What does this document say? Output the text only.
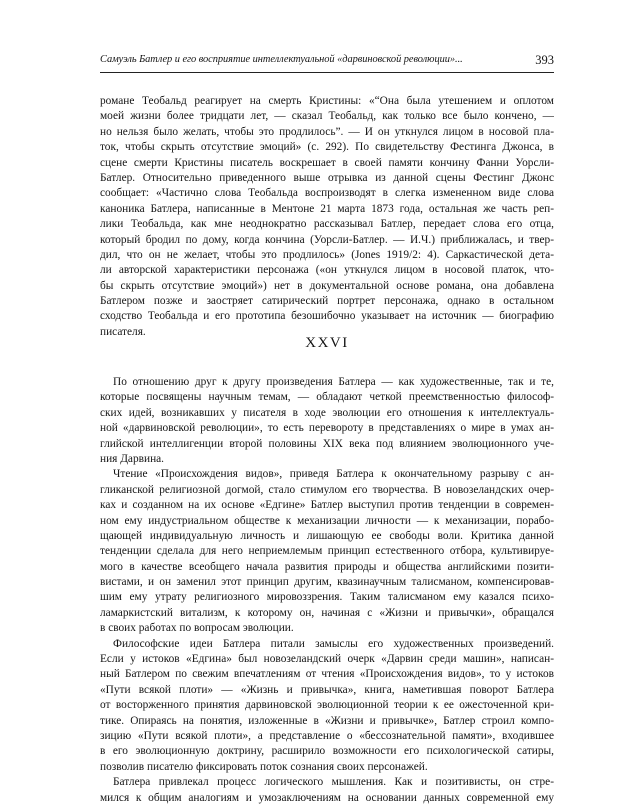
Самуэль Батлер и его восприятие интеллектуальной «дарвиновской революции»...	393
романе Теобальд реагирует на смерть Кристины: «“Она была утешением и оплотом
моей жизни более тридцати лет, — сказал Теобальд, как только все было кончено, —
но нельзя было желать, чтобы это продлилось”. — И он уткнулся лицом в носовой пла-
ток, чтобы скрыть отсутствие эмоций» (с. 292). По свидетельству Фестинга Джонса, в
сцене смерти Кристины писатель воскрешает в своей памяти кончину Фанни Уорсли-
Батлер. Относительно приведенного выше отрывка из данной сцены Фестинг Джонс
сообщает: «Частично слова Теобальда воспроизводят в слегка измененном виде слова
каноника Батлера, написанные в Ментоне 21 марта 1873 года, остальная же часть реп-
лики Теобальда, как мне неоднократно рассказывал Батлер, передает слова его отца,
который бродил по дому, когда кончина (Уорсли-Батлер. — И.Ч.) приближалась, и твер-
дил, что он не желает, чтобы это продлилось» (Jones 1919/2: 4). Саркастической дета-
ли авторской характеристики персонажа («он уткнулся лицом в носовой платок, что-
бы скрыть отсутствие эмоций») нет в документальной основе романа, она добавлена
Батлером позже и заостряет сатирический портрет персонажа, однако в остальном
сходство Теобальда и его прототипа безошибочно указывает на источник — биографию
писателя.
XXVI
По отношению друг к другу произведения Батлера — как художественные, так и те,
которые посвящены научным темам, — обладают четкой преемственностью философ-
ских идей, возникавших у писателя в ходе эволюции его отношения к интеллектуаль-
ной «дарвиновской революции», то есть перевороту в представлениях о мире в умах ан-
глийской интеллигенции второй половины XIX века под влиянием эволюционного уче-
ния Дарвина.
Чтение «Происхождения видов», приведя Батлера к окончательному разрыву с ан-
гликанской религиозной догмой, стало стимулом его творчества. В новозеландских очер-
ках и созданном на их основе «Едгине» Батлер выступил против тенденции в современ-
ном ему индустриальном обществе к механизации личности — к механизации, порабо-
щающей индивидуальную личность и лишающую ее свободы воли. Критика данной
тенденции сделала для него неприемлемым принцип естественного отбора, культивируе-
мого в качестве всеобщего начала развития природы и общества английскими позити-
вистами, и он заменил этот принцип другим, квазинаучным талисманом, компенсировав-
шим ему утрату религиозного мировоззрения. Таким талисманом ему казался психо-
ламаркистский витализм, к которому он, начиная с «Жизни и привычки», обращался
в своих работах по вопросам эволюции.
Философские идеи Батлера питали замыслы его художественных произведений.
Если у истоков «Едгина» был новозеландский очерк «Дарвин среди машин», написан-
ный Батлером по свежим впечатлениям от чтения «Происхождения видов», то у истоков
«Пути всякой плоти» — «Жизнь и привычка», книга, наметившая поворот Батлера
от восторженного принятия дарвиновской эволюционной теории к ее ожесточенной кри-
тике. Опираясь на понятия, изложенные в «Жизни и привычке», Батлер строил компо-
зицию «Пути всякой плоти», а представление о «бессознательной памяти», входившее
в его эволюционную доктрину, расширило возможности его психологической сатиры,
позволив писателю фиксировать поток сознания своих персонажей.
Батлера привлекал процесс логического мышления. Как и позитивисты, он стре-
мился к общим аналогиям и умозаключениям на основании данных современной ему
